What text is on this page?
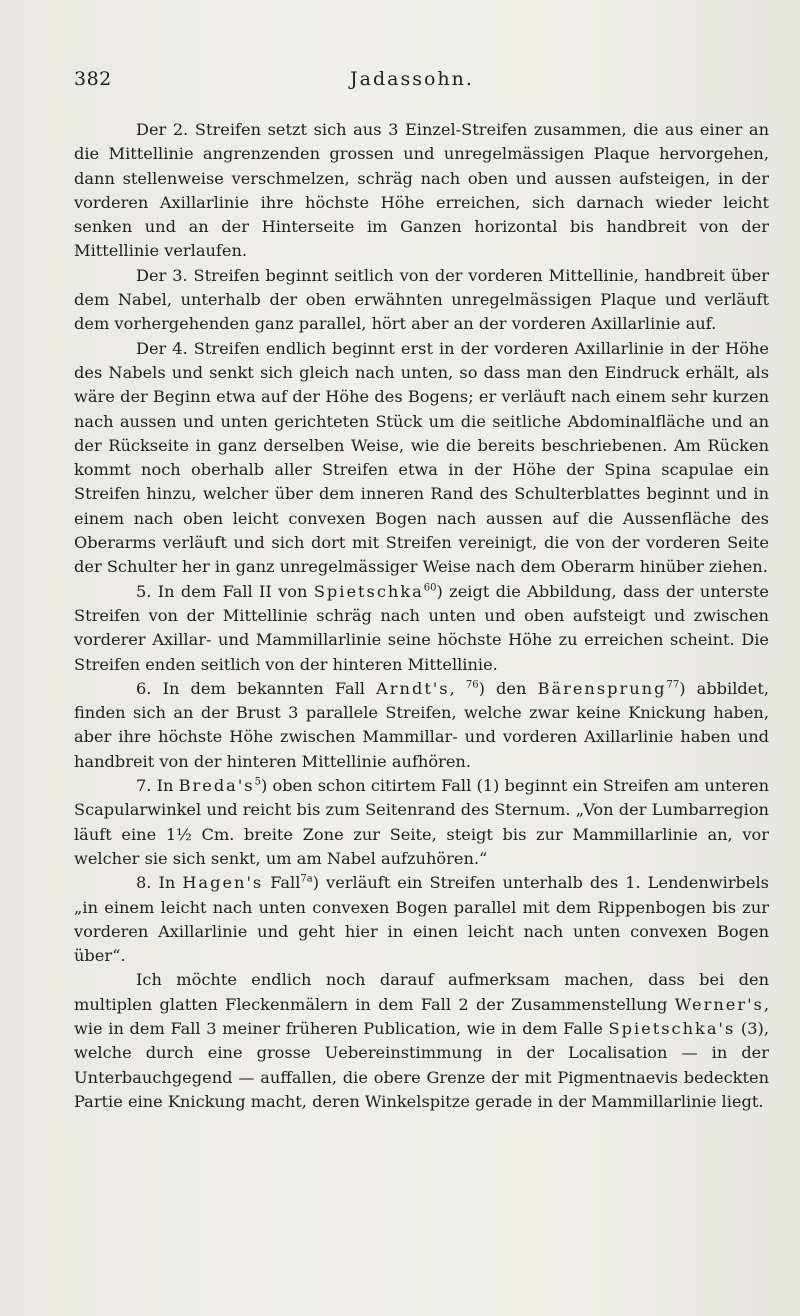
382	Jadassohn.

Der 2. Streifen setzt sich aus 3 Einzel-Streifen zusammen, die aus einer an die Mittellinie angrenzenden grossen und unregelmässigen Plaque hervorgehen, dann stellenweise verschmelzen, schräg nach oben und aussen aufsteigen, in der vorderen Axillarlinie ihre höchste Höhe erreichen, sich darnach wieder leicht senken und an der Hinterseite im Ganzen horizontal bis handbreit von der Mittellinie verlaufen.

Der 3. Streifen beginnt seitlich von der vorderen Mittellinie, handbreit über dem Nabel, unterhalb der oben erwähnten unregelmässigen Plaque und verläuft dem vorhergehenden ganz parallel, hört aber an der vorderen Axillarlinie auf.

Der 4. Streifen endlich beginnt erst in der vorderen Axillarlinie in der Höhe des Nabels und senkt sich gleich nach unten, so dass man den Eindruck erhält, als wäre der Beginn etwa auf der Höhe des Bogens; er verläuft nach einem sehr kurzen nach aussen und unten gerichteten Stück um die seitliche Abdominalfläche und an der Rückseite in ganz derselben Weise, wie die bereits beschriebenen. Am Rücken kommt noch oberhalb aller Streifen etwa in der Höhe der Spina scapulae ein Streifen hinzu, welcher über dem inneren Rand des Schulterblattes beginnt und in einem nach oben leicht convexen Bogen nach aussen auf die Aussenfläche des Oberarms verläuft und sich dort mit Streifen vereinigt, die von der vorderen Seite der Schulter her in ganz unregelmässiger Weise nach dem Oberarm hinüber ziehen.

5. In dem Fall II von Spietschka$^{60}$) zeigt die Abbildung, dass der unterste Streifen von der Mittellinie schräg nach unten und oben aufsteigt und zwischen vorderer Axillar- und Mammillarlinie seine höchste Höhe zu erreichen scheint. Die Streifen enden seitlich von der hinteren Mittellinie.

6. In dem bekannten Fall Arndt's, $^{76}$) den Bärensprung$^{77}$) abbildet, finden sich an der Brust 3 parallele Streifen, welche zwar keine Knickung haben, aber ihre höchste Höhe zwischen Mammillar- und vorderen Axillarlinie haben und handbreit von der hinteren Mittellinie aufhören.

7. In $Breda's^5$) oben schon citirtem Fall (1) beginnt ein Streifen am unteren Scapularwinkel und reicht bis zum Seitenrand des Sternum. „Von der Lumbarregion läuft eine 1½ Cm. breite Zone zur Seite, steigt bis zur Mammillarlinie an, vor welcher sie sich senkt, um am Nabel aufzuhören.“

8. In Hagen's Fall$^{7a}$) verläuft ein Streifen unterhalb des 1. Lendenwirbels „in einem leicht nach unten convexen Bogen parallel mit dem Rippenbogen bis zur vorderen Axillarlinie und geht hier in einen leicht nach unten convexen Bogen über“.

Ich möchte endlich noch darauf aufmerksam machen, dass bei den multiplen glatten Fleckenmälern in dem Fall 2 der Zusammenstellung Werner's, wie in dem Fall 3 meiner früheren Publication, wie in dem Falle Spietschka's (3), welche durch eine grosse Uebereinstimmung in der Localisation — in der Unterbauchgegend — auffallen, die obere Grenze der mit Pigmentnaevis bedeckten Partie eine Knickung macht, deren Winkelspitze gerade in der Mammillarlinie liegt.
